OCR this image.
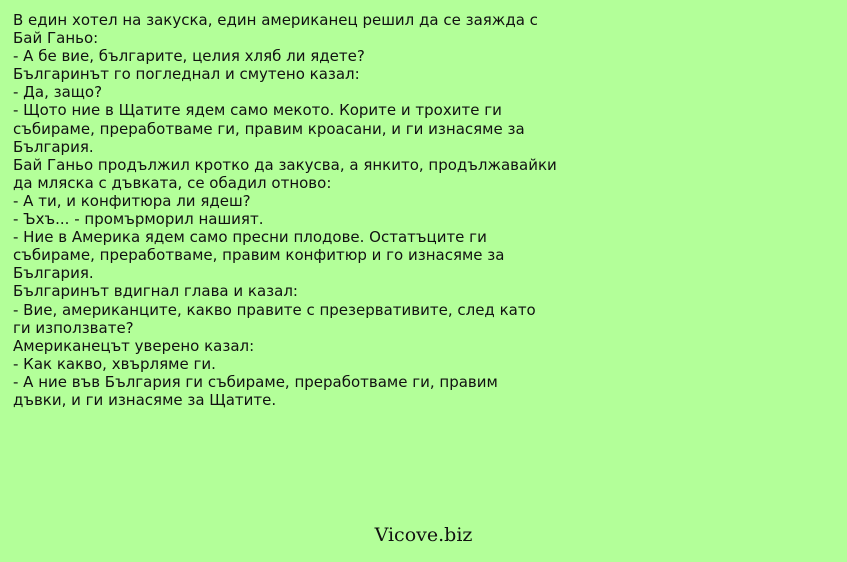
В един хотел на закуска, един американец решил да се заяжда с
Бай Ганьо:
- А бе вие, българите, целия хляб ли ядете?
Българинът го погледнал и смутено казал:
- Да, защо?
- Щото ние в Щатите ядем само мекото. Корите и трохите ги
събираме, преработваме ги, правим кроасани, и ги изнасяме за
България.
Бай Ганьо продължил кротко да закусва, а янкито, продължавайки
да мляска с дъвката, се обадил отново:
- А ти, и конфитюра ли ядеш?
- Ъхъ... - промърморил нашият.
- Ние в Америка ядем само пресни плодове. Остатъците ги
събираме, преработваме, правим конфитюр и го изнасяме за
България.
Българинът вдигнал глава и казал:
- Вие, американците, какво правите с презервативите, след като
ги използвате?
Американецът уверено казал:
- Как какво, хвърляме ги.
- А ние във България ги събираме, преработваме ги, правим
дъвки, и ги изнасяме за Щатите.
Vicove.biz
